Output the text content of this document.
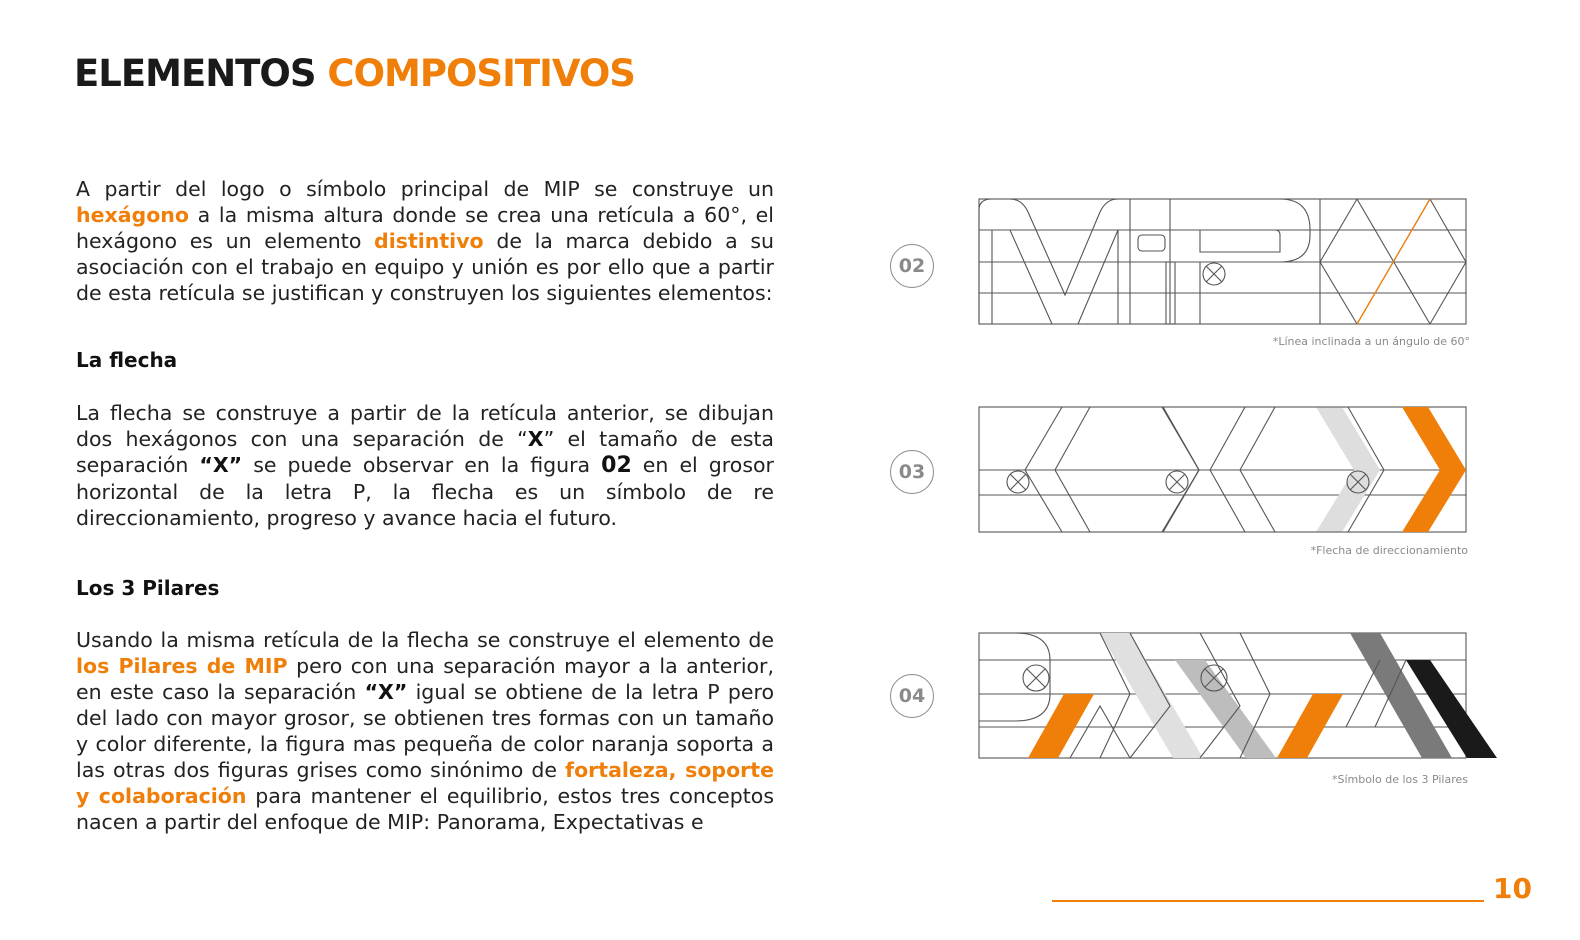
ELEMENTOS COMPOSITIVOS

A partir del logo o símbolo principal de MIP se construye un hexágono a la misma altura donde se crea una retícula a 60°, el hexágono es un elemento distintivo de la marca debido a su asociación con el trabajo en equipo y unión es por ello que a partir de esta retícula se justifican y construyen los siguientes elementos:

La flecha

La flecha se construye a partir de la retícula anterior, se dibujan dos hexágonos con una separación de “X” el tamaño de esta separación “X” se puede observar en la figura 02 en el grosor horizontal de la letra P, la flecha es un símbolo de re direccionamiento, progreso y avance hacia el futuro.

Los 3 Pilares

Usando la misma retícula de la flecha se construye el elemento de los Pilares de MIP pero con una separación mayor a la anterior, en este caso la separación “X” igual se obtiene de la letra P pero del lado con mayor grosor, se obtienen tres formas con un tamaño y color diferente, la figura mas pequeña de color naranja soporta a las otras dos figuras grises como sinónimo de fortaleza, soporte y colaboración para mantener el equilibrio, estos tres conceptos nacen a partir del enfoque de MIP: Panorama, Expectativas e

02
*Línea inclinada a un ángulo de 60°
03
*Flecha de direccionamiento
04
*Símbolo de los 3 Pilares
10
